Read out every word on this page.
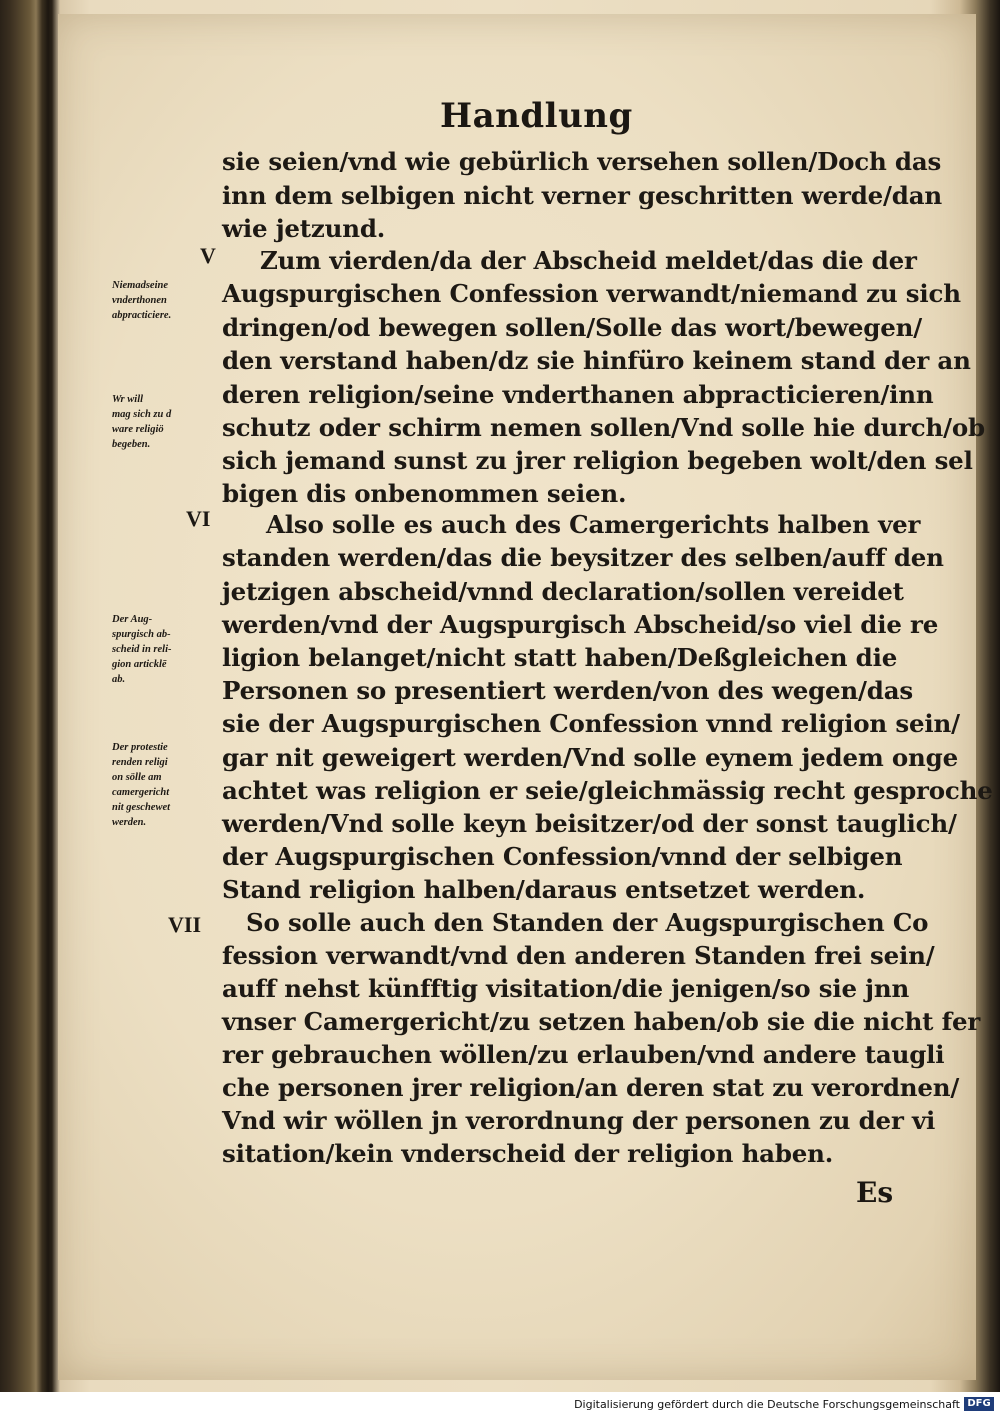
Handlung
V
VI
VII
Niemadseine
vnderthonen
abpracticiere.
Wr will
mag sich zu d
ware religiö
begeben.
Der Aug-
spurgisch ab-
scheid in reli-
gion articklē
ab.
Der protestie
renden religi
on sölle am
camergericht
nit geschewet
werden.
sie seien/vnd wie gebürlich versehen sollen/Doch das
inn dem selbigen nicht verner geschritten werde/dan
wie jetzund.
Zum vierden/da der Abscheid meldet/das die der
Augspurgischen Confession verwandt/niemand zu sich
dringen/od bewegen sollen/Solle das wort/bewegen/
den verstand haben/dz sie hinfüro keinem stand der an
deren religion/seine vnderthanen abpracticieren/inn
schutz oder schirm nemen sollen/Vnd solle hie durch/ob
sich jemand sunst zu jrer religion begeben wolt/den sel
bigen dis onbenommen seien.
Also solle es auch des Camergerichts halben ver
standen werden/das die beysitzer des selben/auff den
jetzigen abscheid/vnnd declaration/sollen vereidet
werden/vnd der Augspurgisch Abscheid/so viel die re
ligion belanget/nicht statt haben/Deßgleichen die
Personen so presentiert werden/von des wegen/das
sie der Augspurgischen Confession vnnd religion sein/
gar nit geweigert werden/Vnd solle eynem jedem onge
achtet was religion er seie/gleichmässig recht gesproche
werden/Vnd solle keyn beisitzer/od der sonst tauglich/
der Augspurgischen Confession/vnnd der selbigen
Stand religion halben/daraus entsetzet werden.
So solle auch den Standen der Augspurgischen Co
fession verwandt/vnd den anderen Standen frei sein/
auff nehst künfftig visitation/die jenigen/so sie jnn
vnser Camergericht/zu setzen haben/ob sie die nicht fer
rer gebrauchen wöllen/zu erlauben/vnd andere taugli
che personen jrer religion/an deren stat zu verordnen/
Vnd wir wöllen jn verordnung der personen zu der vi
sitation/kein vnderscheid der religion haben.
Es
Digitalisierung gefördert durch die Deutsche Forschungsgemeinschaft DFG
